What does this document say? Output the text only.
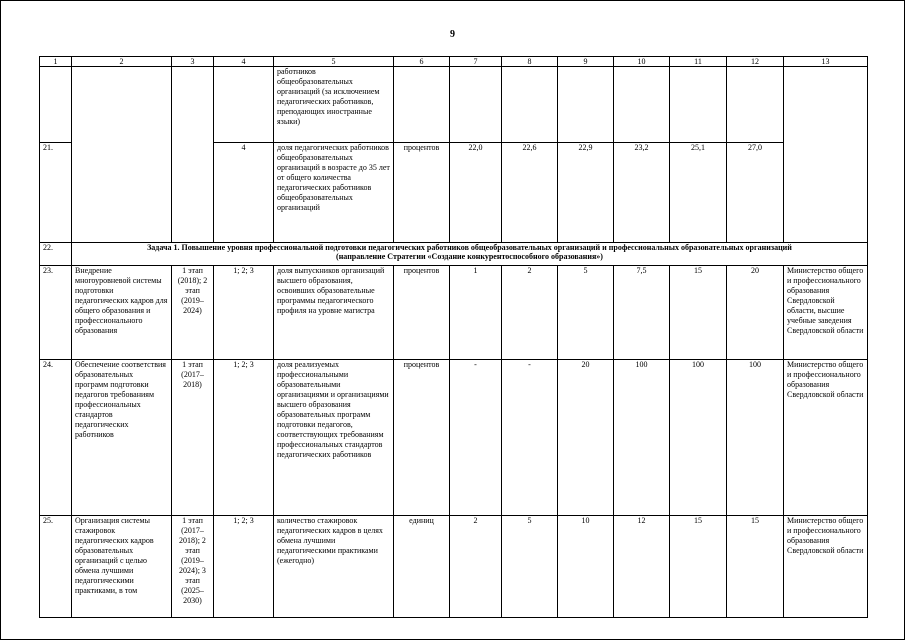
9
1	2	3	4	5	6	7	8	9	10	11	12	13
				работников общеобразовательных организаций (за исключением педагогических работников, преподающих иностранные языки)								
21.			4	доля педагогических работников общеобразовательных организаций в возрасте до 35 лет от общего количества педагогических работников общеобразовательных организаций	процентов	22,0	22,6	22,9	23,2	25,1	27,0	
22.	Задача 1. Повышение уровня профессиональной подготовки педагогических работников общеобразовательных организаций и профессиональных образовательных организаций
(направление Стратегии «Создание конкурентоспособного образования»)											

23.	Внедрение многоуровневой системы подготовки педагогических кадров для общего образования и профессионального образования	1 этап (2018); 2 этап (2019–2024)	1; 2; 3	доля выпускников организаций высшего образования, освоивших образовательные программы педагогического профиля на уровне магистра	процентов	1	2	5	7,5	15	20	Министерство общего и профессионального образования Свердловской области, высшие учебные заведения Свердловской области
24.	Обеспечение соответствия образовательных программ подготовки педагогов требованиям профессиональных стандартов педагогических работников	1 этап (2017–2018)	1; 2; 3	доля реализуемых профессиональными образовательными организациями и организациями высшего образования образовательных программ подготовки педагогов, соответствующих требованиям профессиональных стандартов педагогических работников	процентов	-	-	20	100	100	100	Министерство общего и профессионального образования Свердловской области
25.	Организация системы стажировок педагогических кадров образовательных организаций с целью обмена лучшими педагогическими практиками, в том	1 этап (2017–2018); 2 этап (2019–2024); 3 этап (2025–2030)	1; 2; 3	количество стажировок педагогических кадров в целях обмена лучшими педагогическими практиками (ежегодно)	единиц	2	5	10	12	15	15	Министерство общего и профессионального образования Свердловской области
